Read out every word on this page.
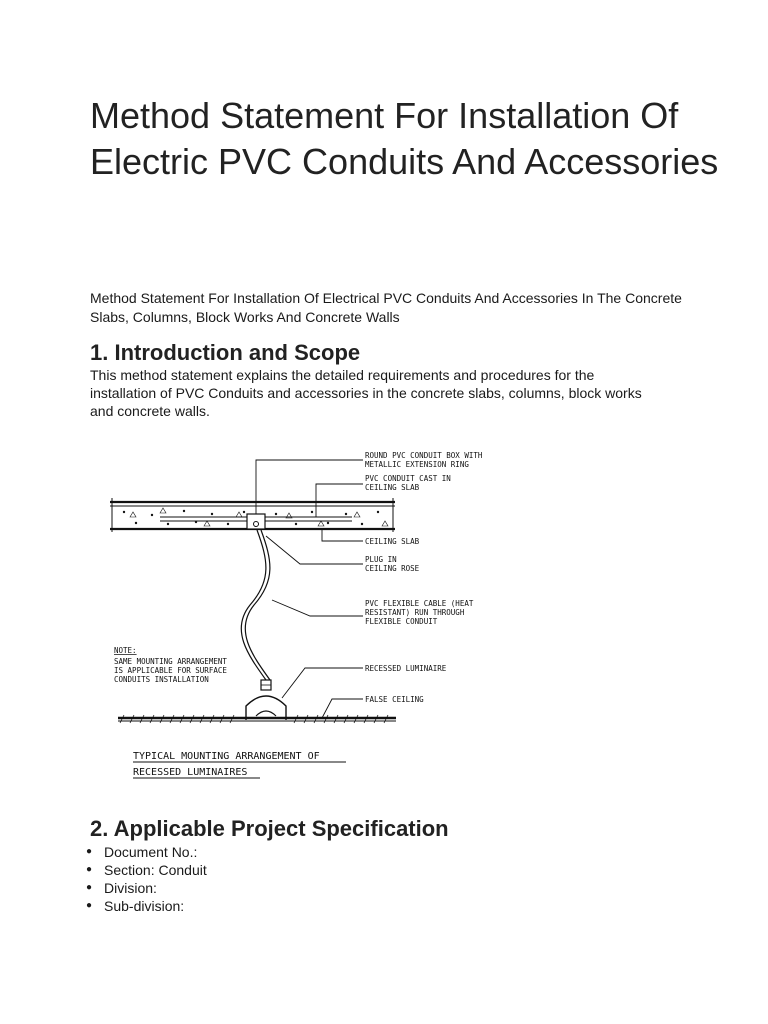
Method Statement For Installation Of Electric PVC Conduits And Accessories

Method Statement For Installation Of Electrical PVC Conduits And Accessories In The Concrete Slabs, Columns, Block Works And Concrete Walls

1. Introduction and Scope

This method statement explains the detailed requirements and procedures for the installation of PVC Conduits and accessories in the concrete slabs, columns, block works and concrete walls.

ROUND PVC CONDUIT BOX WITH
METALLIC EXTENSION RING
PVC CONDUIT CAST IN
CEILING SLAB
CEILING SLAB
PLUG IN
CEILING ROSE
PVC FLEXIBLE CABLE (HEAT
RESISTANT) RUN THROUGH
FLEXIBLE CONDUIT
RECESSED LUMINAIRE
FALSE CEILING
NOTE:
SAME MOUNTING ARRANGEMENT
IS APPLICABLE FOR SURFACE
CONDUITS INSTALLATION
TYPICAL MOUNTING ARRANGEMENT OF
RECESSED LUMINAIRES
2. Applicable Project Specification
● Document No.:
● Section: Conduit
● Division:
● Sub-division:
